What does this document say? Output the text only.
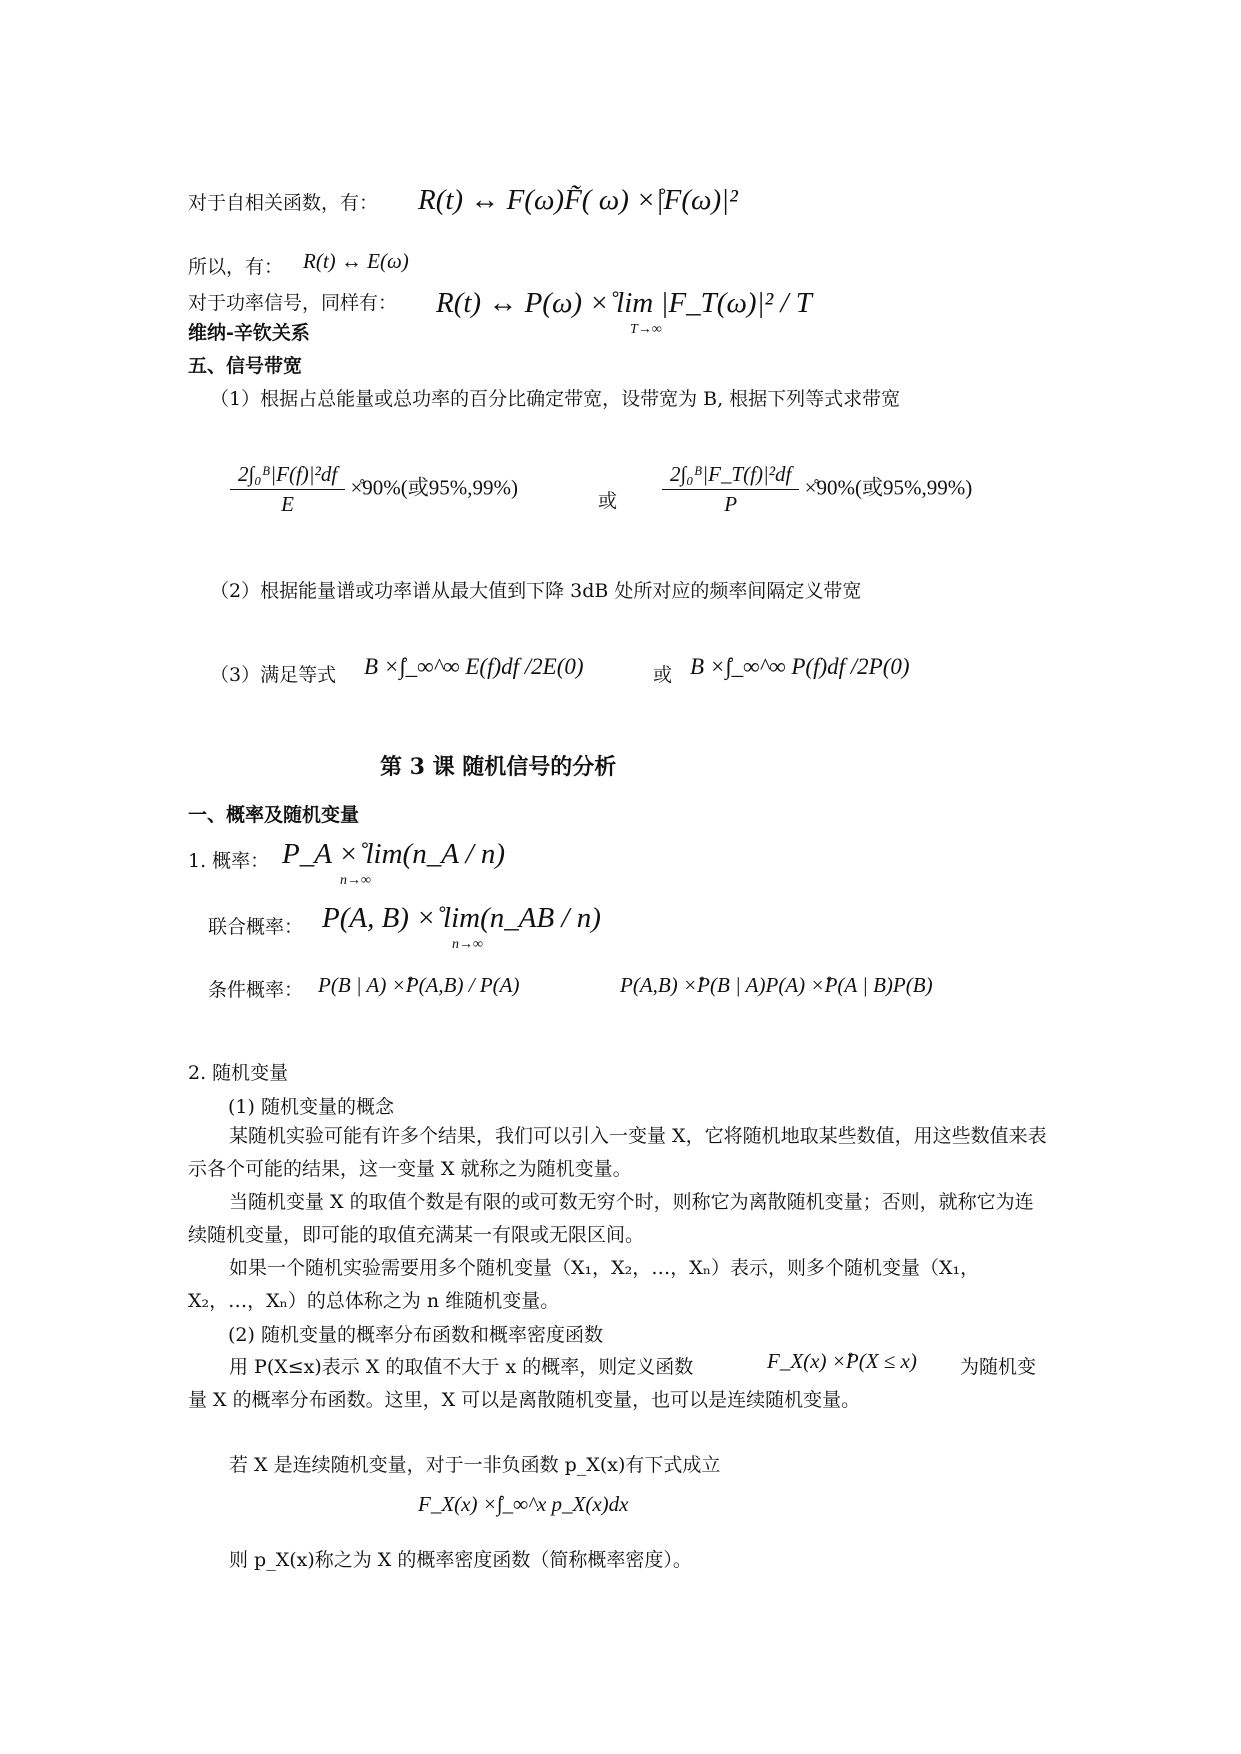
对于自相关函数，有： R(t) ↔ F(ω)F̃( ω) ×̊|F(ω)|²
所以，有： R(t) ↔ E(ω)
对于功率信号，同样有： R(t) ↔ P(ω) ×̊ lim |F_T(ω)|² / T
T→∞
维纳-辛钦关系
五、信号带宽
（1）根据占总能量或总功率的百分比确定带宽，设带宽为 B, 根据下列等式求带宽
$\frac{\text{2∫₀ᴮ|F(f)|²df}}{E}$ ×̊90%(或95%,99%)
或 $\frac{\text{2∫₀ᴮ|F\_T(f)|²df}}{P}$ ×̊90%(或95%,99%)
（2）根据能量谱或功率谱从最大值到下降 3dB 处所对应的频率间隔定义带宽
（3）满足等式 B ×̊∫_∞^∞ E(f)df /2E(0)	或 B ×̊∫_∞^∞ P(f)df /2P(0)
第 3 课 随机信号的分析
一、概率及随机变量
1. 概率： P_A ×̊ lim(n_A / n)
n→∞
联合概率： P(A, B) ×̊ lim(n_AB / n)
n→∞
条件概率： P(B | A) ×̊P(A,B) / P(A)	P(A,B) ×̊P(B | A)P(A) ×̊P(A | B)P(B)
2. 随机变量
(1) 随机变量的概念
某随机实验可能有许多个结果，我们可以引入一变量 X，它将随机地取某些数值，用这些数值来表示各个可能的结果，这一变量 X 就称之为随机变量。
当随机变量 X 的取值个数是有限的或可数无穷个时，则称它为离散随机变量；否则，就称它为连续随机变量，即可能的取值充满某一有限或无限区间。
如果一个随机实验需要用多个随机变量（X₁，X₂，…，Xₙ）表示，则多个随机变量（X₁，X₂，…，Xₙ）的总体称之为 n 维随机变量。
(2) 随机变量的概率分布函数和概率密度函数
用 P(X≤x)表示 X 的取值不大于 x 的概率，则定义函数	F_X(x) ×̊P(X ≤ x) 为随机变
量 X 的概率分布函数。这里，X 可以是离散随机变量，也可以是连续随机变量。
若 X 是连续随机变量，对于一非负函数 p_X(x)有下式成立
F_X(x) ×̊∫_∞^x p_X(x)dx
则 p_X(x)称之为 X 的概率密度函数（简称概率密度）。
